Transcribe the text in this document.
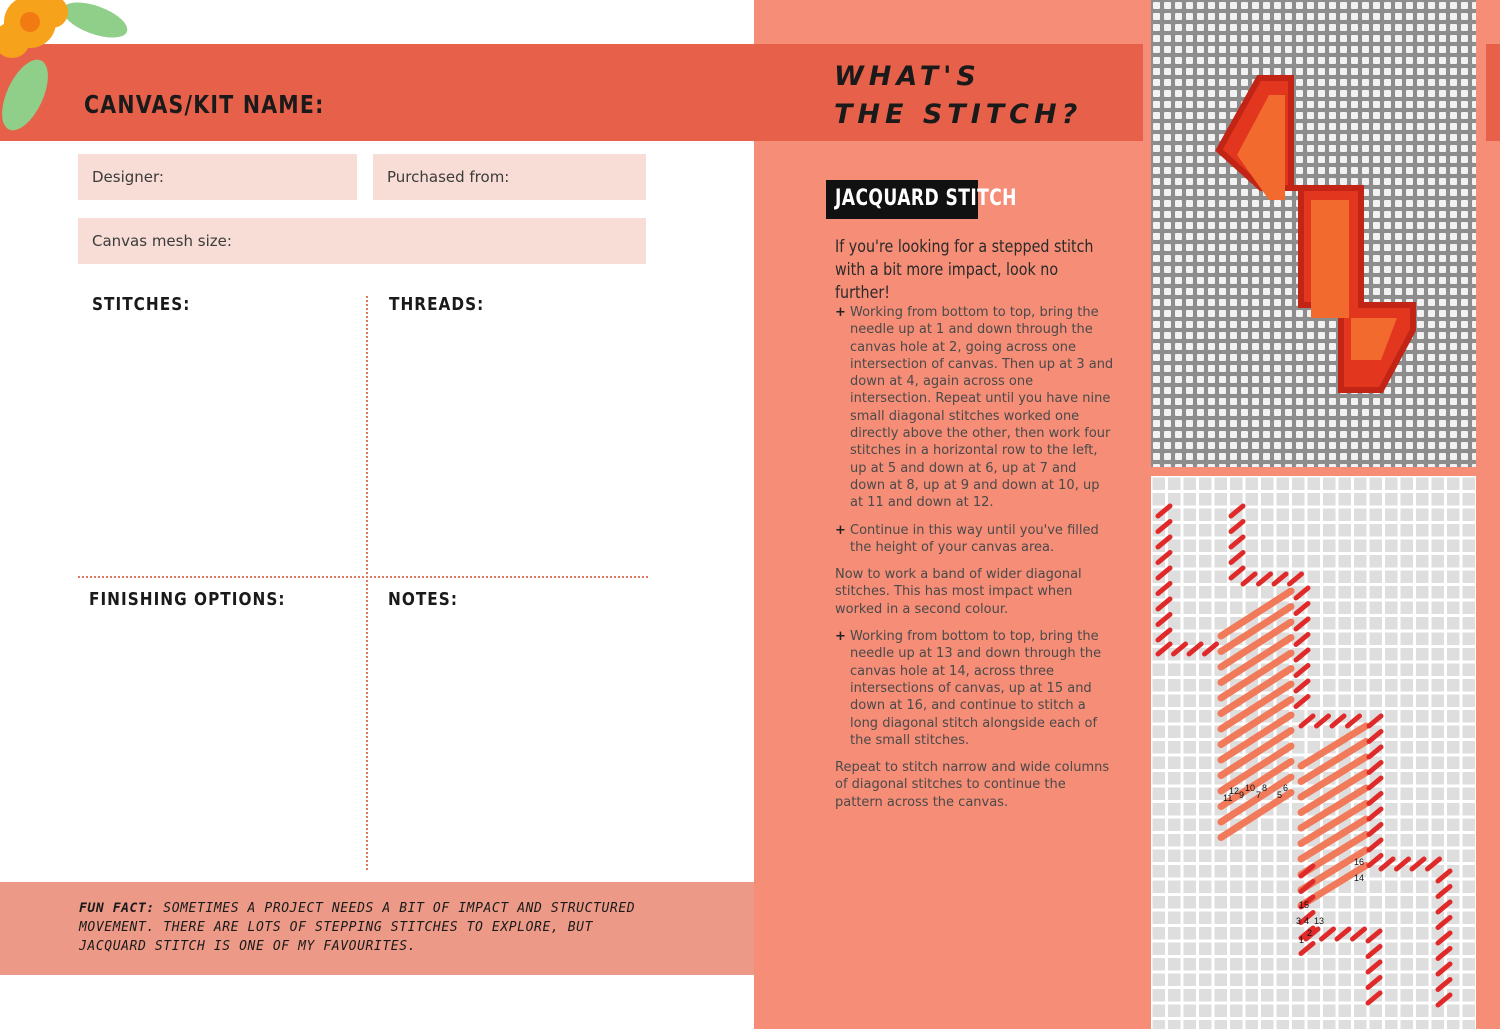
CANVAS/KIT NAME:
Designer:	Purchased from:
Canvas mesh size:
STITCHES:	THREADS:
FINISHING OPTIONS:	NOTES:

FUN FACT: SOMETIMES A PROJECT NEEDS A BIT OF IMPACT AND STRUCTURED MOVEMENT. THERE ARE LOTS OF STEPPING STITCHES TO EXPLORE, BUT JACQUARD STITCH IS ONE OF MY FAVOURITES.

WHAT'S
THE STITCH?
JACQUARD STITCH

If you're looking for a stepped stitch with a bit more impact, look no further!

+ Working from bottom to top, bring the needle up at 1 and down through the canvas hole at 2, going across one intersection of canvas. Then up at 3 and down at 4, again across one intersection. Repeat until you have nine small diagonal stitches worked one directly above the other, then work four stitches in a horizontal row to the left, up at 5 and down at 6, up at 7 and down at 8, up at 9 and down at 10, up at 11 and down at 12.

+ Continue in this way until you've filled the height of your canvas area.

Now to work a band of wider diagonal stitches. This has most impact when worked in a second colour.

+ Working from bottom to top, bring the needle up at 13 and down through the canvas hole at 14, across three intersections of canvas, up at 15 and down at 16, and continue to stitch a long diagonal stitch alongside each of the small stitches.

Repeat to stitch narrow and wide columns of diagonal stitches to continue the pattern across the canvas.	11
12 9
10
7
8
5
6
16
14
15
3 4 13
1
2
